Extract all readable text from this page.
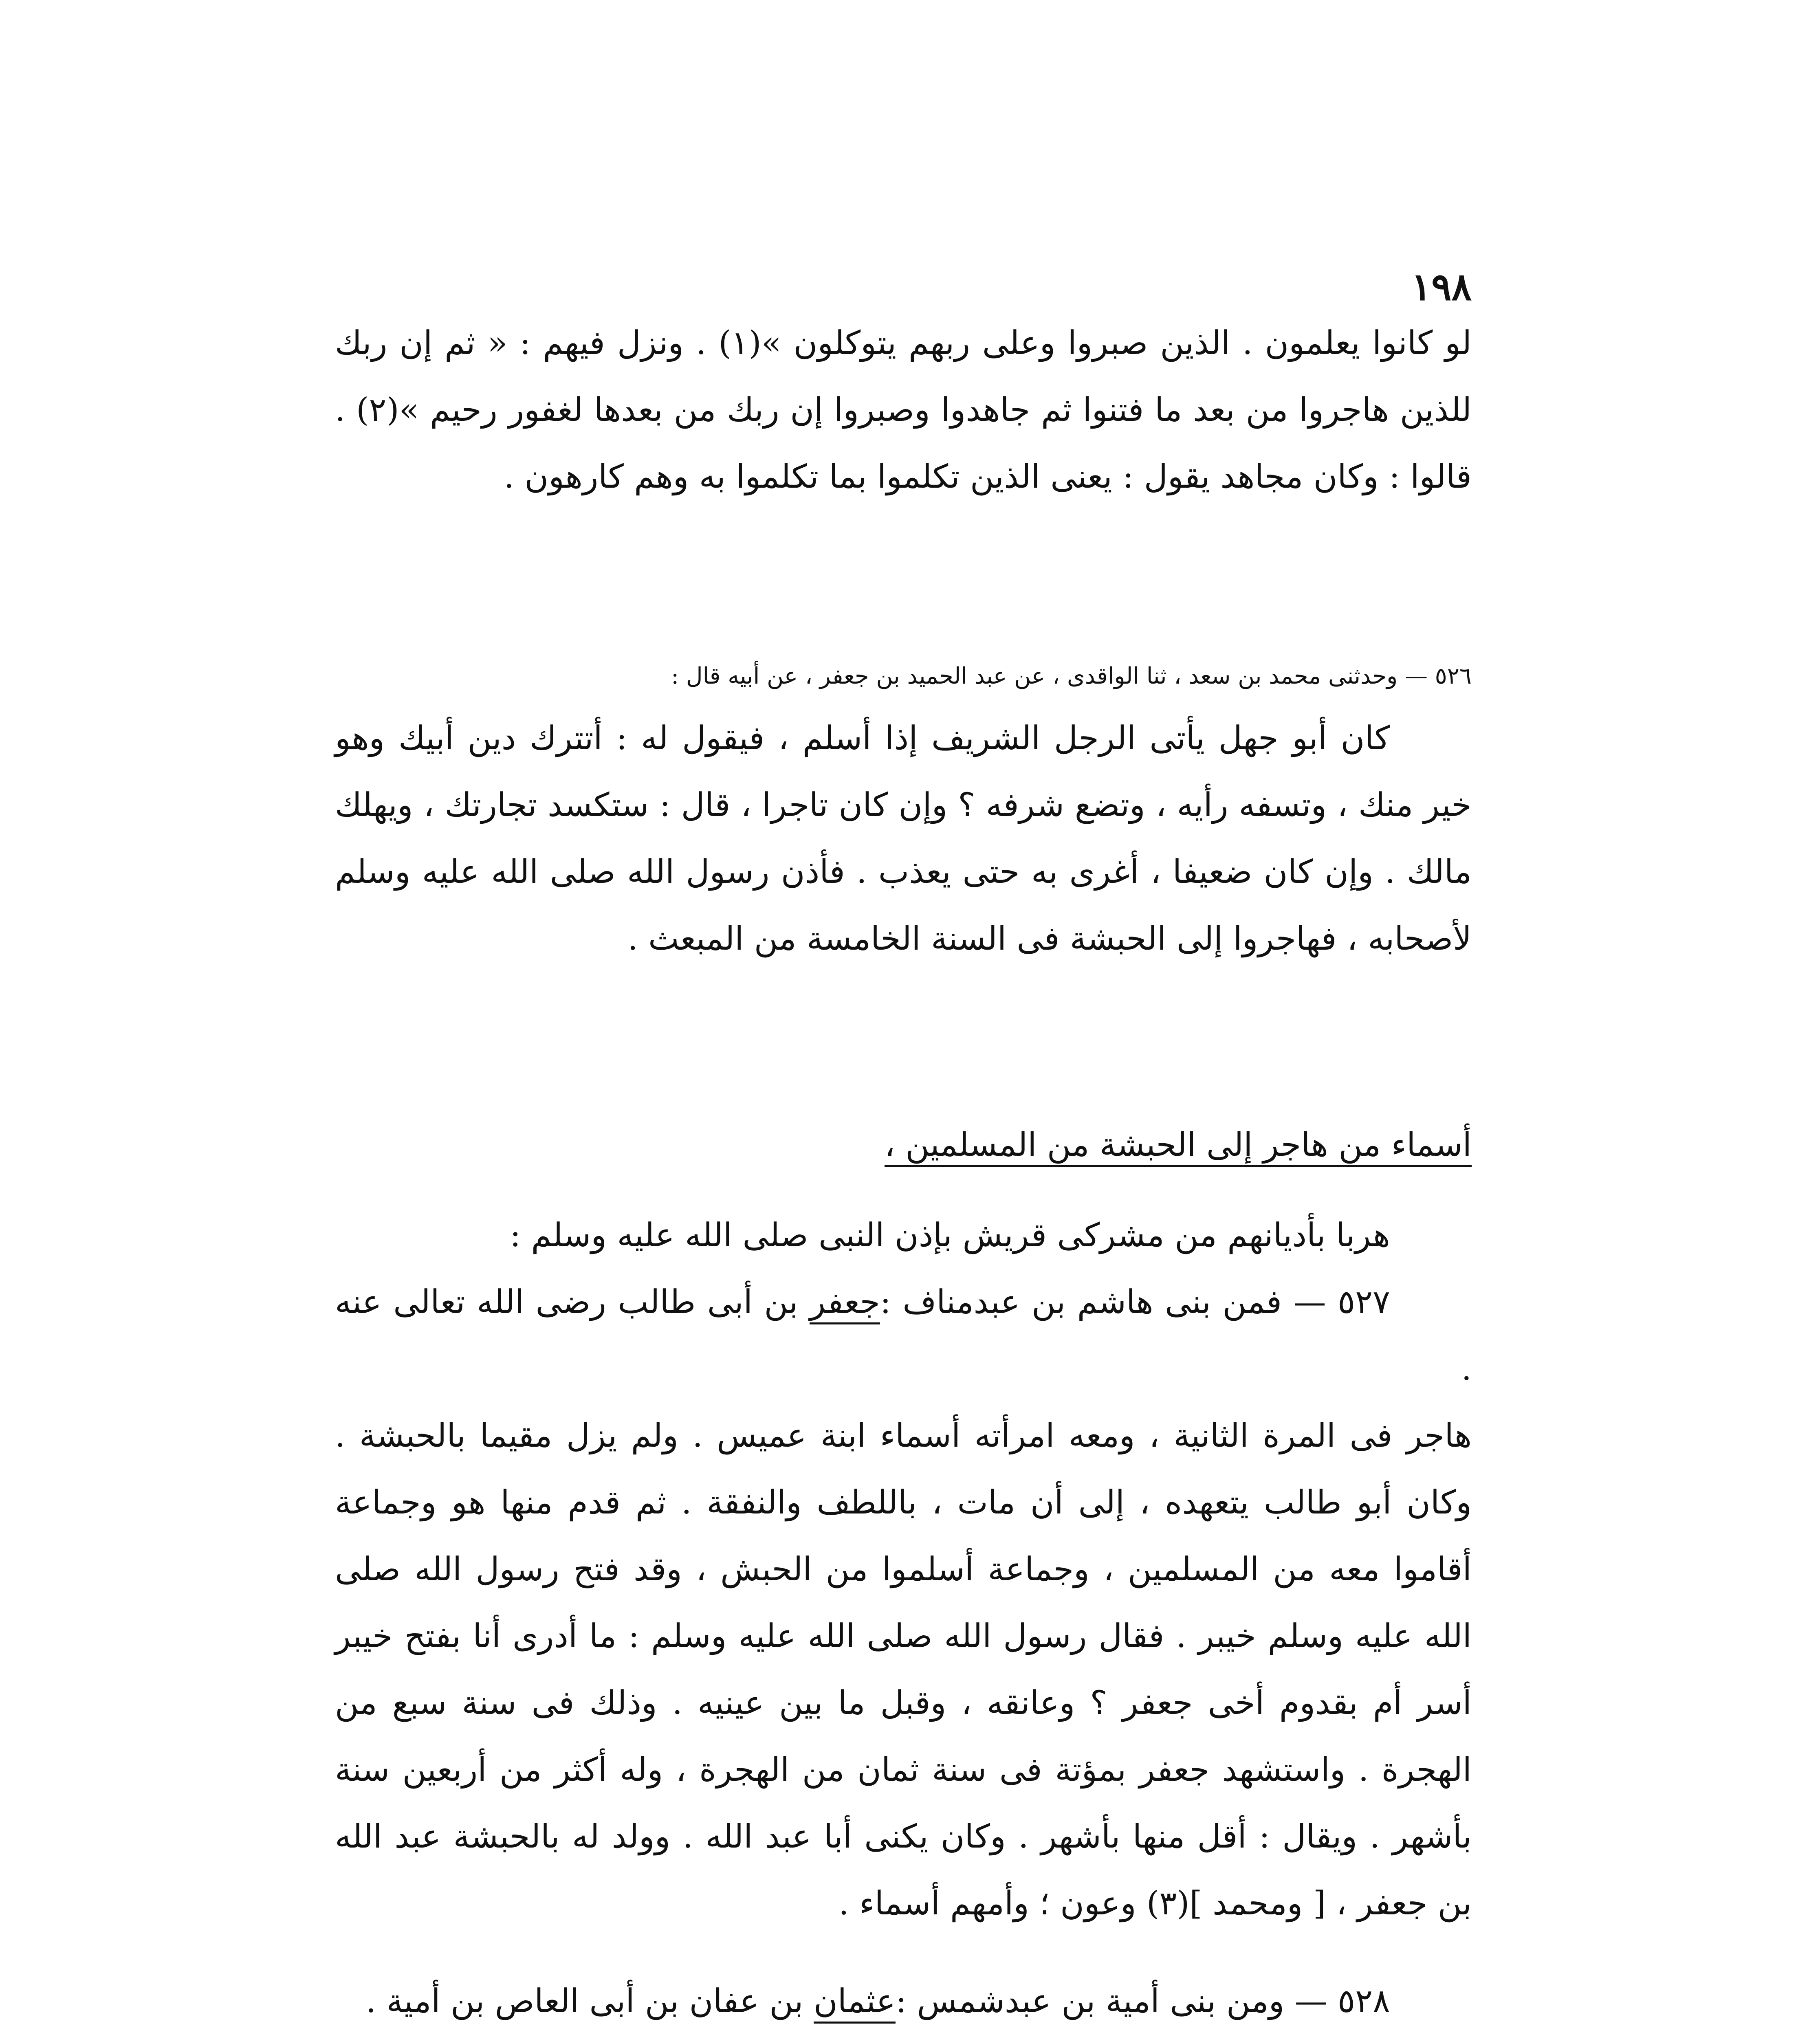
١٩٨

لو كانوا يعلمون . الذين صبروا وعلى ربهم يتوكلون »(١) . ونزل فيهم : « ثم إن ربك للذين هاجروا من بعد ما فتنوا ثم جاهدوا وصبروا إن ربك من بعدها لغفور رحيم »(٢) . قالوا : وكان مجاهد يقول : يعنى الذين تكلموا بما تكلموا به وهم كارهون .

٥٢٦ — وحدثنى محمد بن سعد ، ثنا الواقدى ، عن عبد الحميد بن جعفر ، عن أبيه قال :

كان أبو جهل يأتى الرجل الشريف إذا أسلم ، فيقول له : أتترك دين أبيك وهو خير منك ، وتسفه رأيه ، وتضع شرفه ؟ وإن كان تاجرا ، قال : ستكسد تجارتك ، ويهلك مالك . وإن كان ضعيفا ، أغرى به حتى يعذب . فأذن رسول الله صلى الله عليه وسلم لأصحابه ، فهاجروا إلى الحبشة فى السنة الخامسة من المبعث .

أسماء من هاجر إلى الحبشة من المسلمين ،

هربا بأديانهم من مشركى قريش بإذن النبى صلى الله عليه وسلم :

٥٢٧ — فمن بنى هاشم بن عبدمناف :جعفر بن أبى طالب رضى الله تعالى عنه .

هاجر فى المرة الثانية ، ومعه امرأته أسماء ابنة عميس . ولم يزل مقيما بالحبشة . وكان أبو طالب يتعهده ، إلى أن مات ، باللطف والنفقة . ثم قدم منها هو وجماعة أقاموا معه من المسلمين ، وجماعة أسلموا من الحبش ، وقد فتح رسول الله صلى الله عليه وسلم خيبر . فقال رسول الله صلى الله عليه وسلم : ما أدرى أنا بفتح خيبر أسر أم بقدوم أخى جعفر ؟ وعانقه ، وقبل ما بين عينيه . وذلك فى سنة سبع من الهجرة . واستشهد جعفر بمؤتة فى سنة ثمان من الهجرة ، وله أكثر من أربعين سنة بأشهر . ويقال : أقل منها بأشهر . وكان يكنى أبا عبد الله . وولد له بالحبشة عبد الله بن جعفر ، [ ومحمد ](٣) وعون ؛ وأمهم أسماء .

٥٢٨ — ومن بنى أمية بن عبدشمس :عثمان بن عفان بن أبى العاص بن أمية .
